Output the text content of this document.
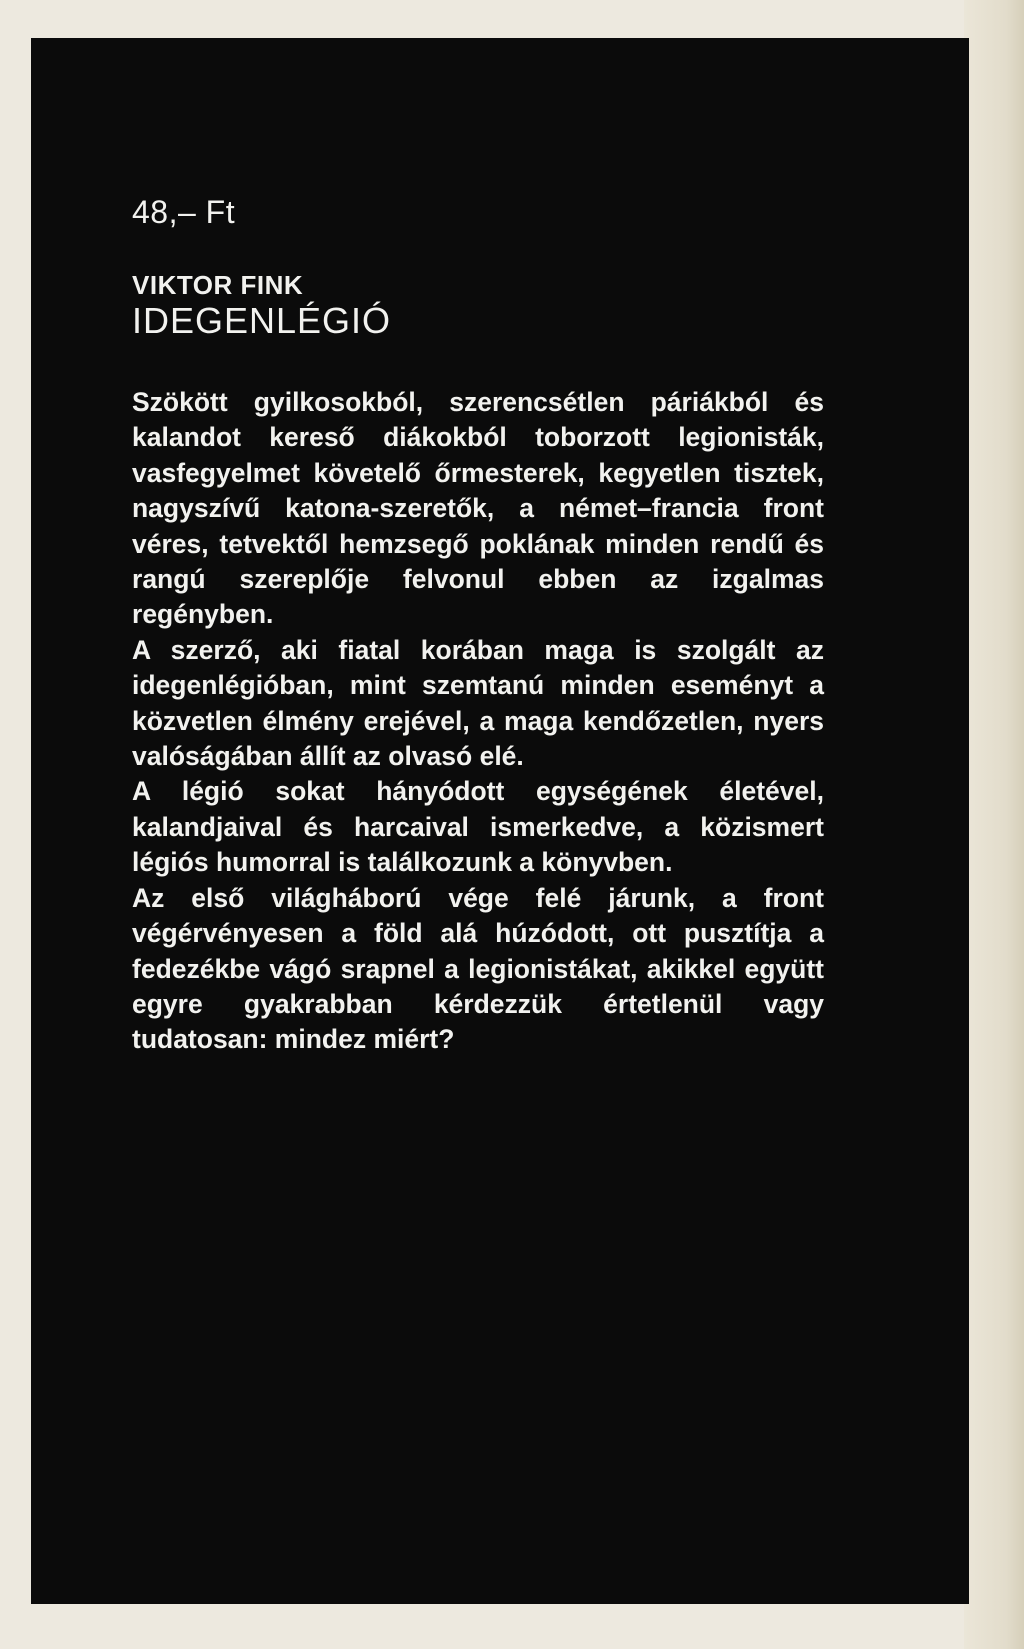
48,– Ft
VIKTOR FINK
IDEGENLÉGIÓ

Szökött gyilkosokból, szerencsétlen páriákból és kalandot kereső diákokból toborzott legionisták, vasfegyelmet követelő őrmesterek, kegyetlen tisztek, nagyszívű katona-szeretők, a német–francia front véres, tetvektől hemzsegő poklának minden rendű és rangú szereplője felvonul ebben az izgalmas regényben.

A szerző, aki fiatal korában maga is szolgált az idegenlégióban, mint szemtanú minden eseményt a közvetlen élmény erejével, a maga kendőzetlen, nyers valóságában állít az olvasó elé.

A légió sokat hányódott egységének életével, kalandjaival és harcaival ismerkedve, a közismert légiós humorral is találkozunk a könyvben.

Az első világháború vége felé járunk, a front végérvényesen a föld alá húzódott, ott pusztítja a fedezékbe vágó srapnel a legionistákat, akikkel együtt egyre gyakrabban kérdezzük értetlenül vagy tudatosan: mindez miért?
